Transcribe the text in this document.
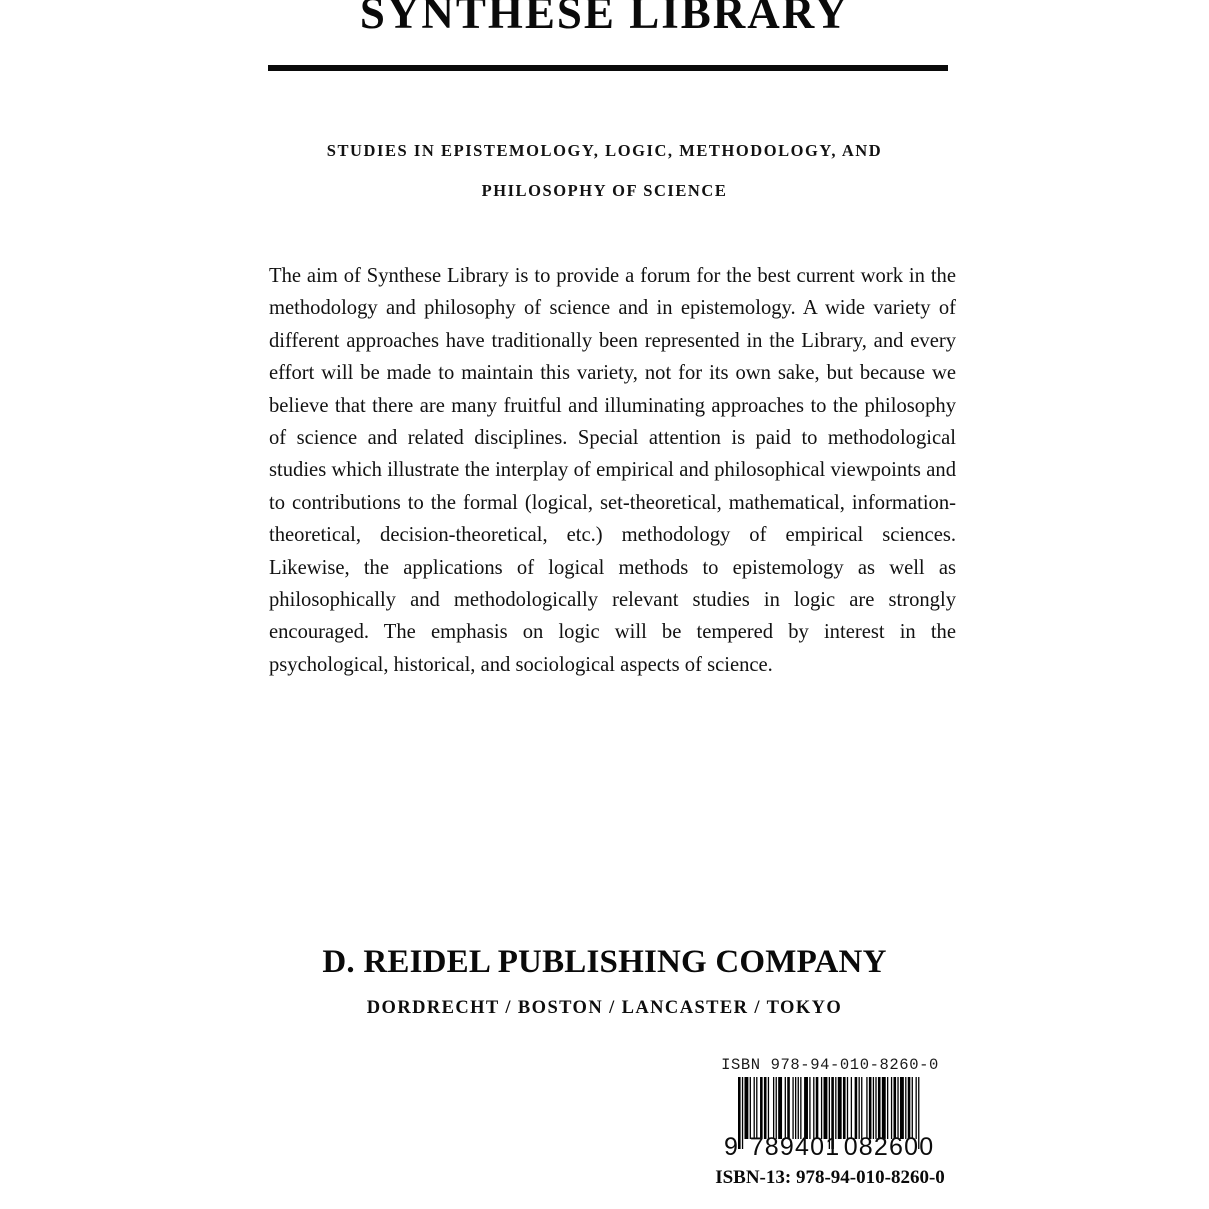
SYNTHESE LIBRARY
STUDIES IN EPISTEMOLOGY, LOGIC, METHODOLOGY, AND
PHILOSOPHY OF SCIENCE
The aim of Synthese Library is to provide a forum for the best current work in the methodology and philosophy of science and in epistemology. A wide variety of different approaches have traditionally been represented in the Library, and every effort will be made to maintain this variety, not for its own sake, but because we believe that there are many fruitful and illuminating approaches to the philosophy of science and related disciplines. Special attention is paid to methodological studies which illustrate the interplay of empirical and philosophical viewpoints and to contributions to the formal (logical, set-theoretical, mathematical, information-theoretical, decision-theoretical, etc.) methodology of empirical sciences. Likewise, the applications of logical methods to epistemology as well as philosophically and methodologically relevant studies in logic are strongly encouraged. The emphasis on logic will be tempered by interest in the psychological, historical, and sociological aspects of science.
D. REIDEL PUBLISHING COMPANY
DORDRECHT / BOSTON / LANCASTER / TOKYO
ISBN 978-94-010-8260-0
9 789401 082600
ISBN-13: 978-94-010-8260-0
